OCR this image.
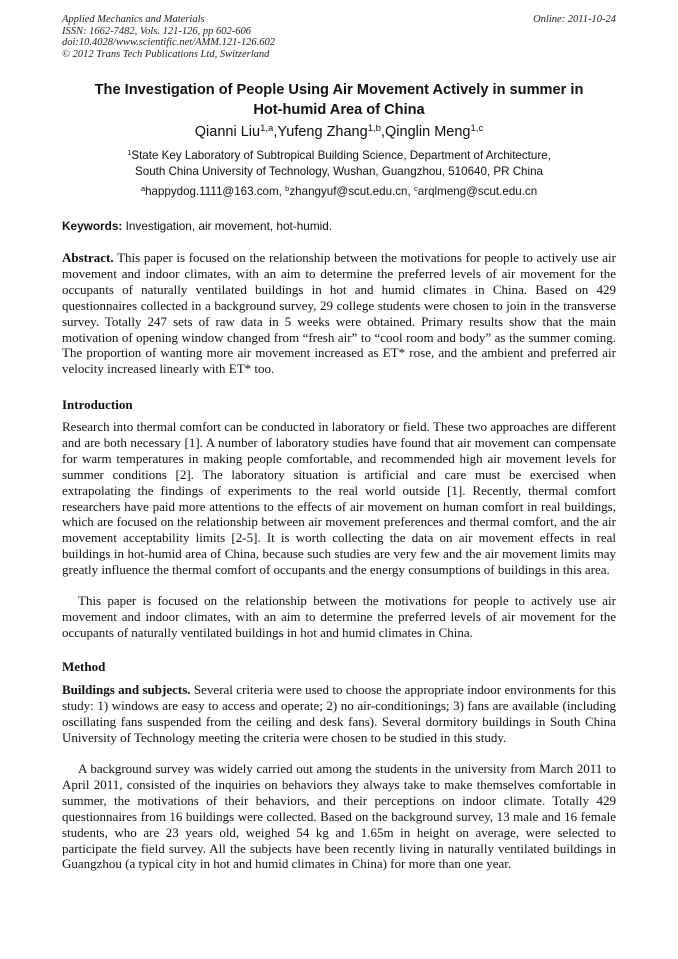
Applied Mechanics and Materials
ISSN: 1662-7482, Vols. 121-126, pp 602-606
doi:10.4028/www.scientific.net/AMM.121-126.602
© 2012 Trans Tech Publications Ltd, Switzerland
Online: 2011-10-24
The Investigation of People Using Air Movement Actively in summer in
Hot-humid Area of China
Qianni Liu$^{1,a}$,Yufeng Zhang$^{1,b}$,Qinglin Meng$^{1,c}$
$^1$State Key Laboratory of Subtropical Building Science, Department of Architecture,
South China University of Technology, Wushan, Guangzhou, 510640, PR China
$^a$happydog.1111@163.com, $^b$zhangyuf@scut.edu.cn, $^c$arqlmeng@scut.edu.cn
Keywords: Investigation, air movement, hot-humid.

Abstract. This paper is focused on the relationship between the motivations for people to actively use air movement and indoor climates, with an aim to determine the preferred levels of air movement for the occupants of naturally ventilated buildings in hot and humid climates in China. Based on 429 questionnaires collected in a background survey, 29 college students were chosen to join in the transverse survey. Totally 247 sets of raw data in 5 weeks were obtained. Primary results show that the main motivation of opening window changed from “fresh air” to “cool room and body” as the summer coming. The proportion of wanting more air movement increased as ET* rose, and the ambient and preferred air velocity increased linearly with ET* too.

Introduction

Research into thermal comfort can be conducted in laboratory or field. These two approaches are different and are both necessary [1]. A number of laboratory studies have found that air movement can compensate for warm temperatures in making people comfortable, and recommended high air movement levels for summer conditions [2]. The laboratory situation is artificial and care must be exercised when extrapolating the findings of experiments to the real world outside [1]. Recently, thermal comfort researchers have paid more attentions to the effects of air movement on human comfort in real buildings, which are focused on the relationship between air movement preferences and thermal comfort, and the air movement acceptability limits [2-5]. It is worth collecting the data on air movement effects in real buildings in hot-humid area of China, because such studies are very few and the air movement limits may greatly influence the thermal comfort of occupants and the energy consumptions of buildings in this area.

This paper is focused on the relationship between the motivations for people to actively use air movement and indoor climates, with an aim to determine the preferred levels of air movement for the occupants of naturally ventilated buildings in hot and humid climates in China.

Method

Buildings and subjects. Several criteria were used to choose the appropriate indoor environments for this study: 1) windows are easy to access and operate; 2) no air-conditionings; 3) fans are available (including oscillating fans suspended from the ceiling and desk fans). Several dormitory buildings in South China University of Technology meeting the criteria were chosen to be studied in this study.

A background survey was widely carried out among the students in the university from March 2011 to April 2011, consisted of the inquiries on behaviors they always take to make themselves comfortable in summer, the motivations of their behaviors, and their perceptions on indoor climate. Totally 429 questionnaires from 16 buildings were collected. Based on the background survey, 13 male and 16 female students, who are 23 years old, weighed 54 kg and 1.65m in height on average, were selected to participate the field survey. All the subjects have been recently living in naturally ventilated buildings in Guangzhou (a typical city in hot and humid climates in China) for more than one year.
